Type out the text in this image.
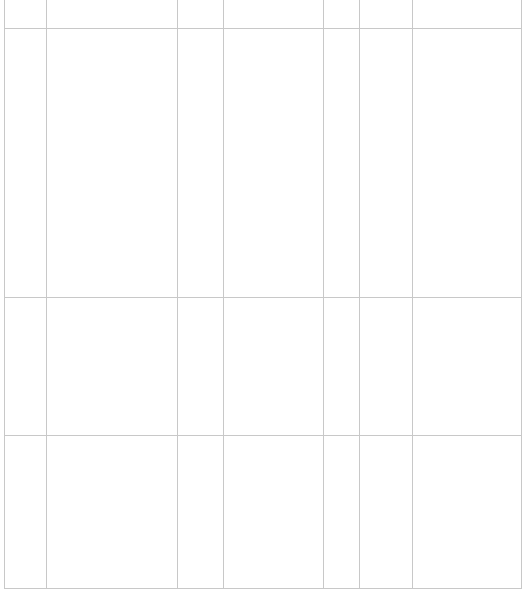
	助处理。					

4	关于尽快修整丰台区同仁东路两侧环境污染问题的建议：1.同仁东路路两侧私搭乱建现象严重，垃圾遍地，生活污水直接倾倒在路面。2.私用散现象很严重，危害环境。3.同仁东路南三环入口开始，一直向南三米的两边，露天烧烤、非法摊贩非常严重。	丰台区	丰台区东铁匠营街道办事处、区城管局到现场核实。经查，被举报区域已启动棚户区拆迁，按照“煤改电”项目实施计划，居民目前可以临时仍使用优质煤进行冬季取暖。现场未发现垃圾、生活污水、非法摊贩等现象，但存在私搭乱建问题。		部分属实	丰台区东铁匠营街道办事处、区城管局已拆除违法建设。下一步，丰台区相关部门将加快推进城地区棚户区改造和环境整治项目建设，加大巡逻管控，坚决打击无证无照游商和露天烧烤。

5	丰台区南三环洋桥大厦北侧50米七克拉宝藏宾馆，二层楼顶上一个LED广告牌，每天夜间光污染，严重影响北侧居民的正常生活，希望夜间关闭广告牌灯光。	丰台区	丰台区城管局、西罗园街道办事处及区市政市容委到现场核实，经查，反映问题属实。		属实	丰台区城管局、西罗园街道办事处及区市政市容委约谈该宾馆相关负责人，要求今后每日22时关闭该广告牌。

6	丰台区卢沟桥宛平街道晓月新城小区北门北侧50米一露天无照菜市场，市场内生活垃圾随意丢弃，市场内南侧搭建的多处简易棚，均属于违建，希望调查处理。	丰台区	丰台区城管局、宛平城地区办事处到现场核查，经查，被举报点位为临时便民市场，未取得营业执照，场内存在简易棚。		属实	丰台区城管局、宛平城地区办事处已拆除简易棚，并封闭市场。下一步，宛平城地区办事处将协调相关部门另行选址，建立便民菜市场，方便群众生活。
